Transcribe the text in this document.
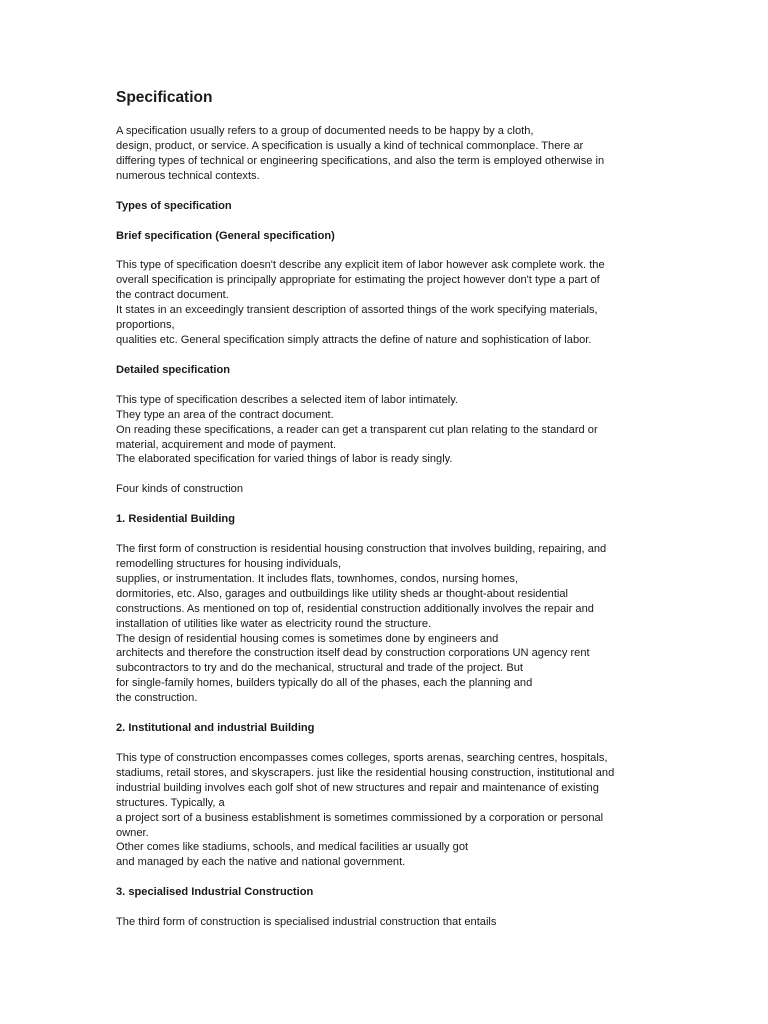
Specification
A specification usually refers to a group of documented needs to be happy by a cloth,
design, product, or service. A specification is usually a kind of technical commonplace. There ar
differing types of technical or engineering specifications, and also the term is employed otherwise in
numerous technical contexts.
Types of specification
Brief specification (General specification)
This type of specification doesn't describe any explicit item of labor however ask complete work. the
overall specification is principally appropriate for estimating the project however don't type a part of
the contract document.
It states in an exceedingly transient description of assorted things of the work specifying materials,
proportions,
qualities etc. General specification simply attracts the define of nature and sophistication of labor.
Detailed specification
This type of specification describes a selected item of labor intimately.
They type an area of the contract document.
On reading these specifications, a reader can get a transparent cut plan relating to the standard or
material, acquirement and mode of payment.
The elaborated specification for varied things of labor is ready singly.
Four kinds of construction
1. Residential Building
The first form of construction is residential housing construction that involves building, repairing, and
remodelling structures for housing individuals,
supplies, or instrumentation. It includes flats, townhomes, condos, nursing homes,
dormitories, etc. Also, garages and outbuildings like utility sheds ar thought-about residential
constructions. As mentioned on top of, residential construction additionally involves the repair and
installation of utilities like water as electricity round the structure.
The design of residential housing comes is sometimes done by engineers and
architects and therefore the construction itself dead by construction corporations UN agency rent
subcontractors to try and do the mechanical, structural and trade of the project. But
for single-family homes, builders typically do all of the phases, each the planning and
the construction.
2. Institutional and industrial Building
This type of construction encompasses comes colleges, sports arenas, searching centres, hospitals,
stadiums, retail stores, and skyscrapers. just like the residential housing construction, institutional and
industrial building involves each golf shot of new structures and repair and maintenance of existing
structures. Typically, a
a project sort of a business establishment is sometimes commissioned by a corporation or personal
owner.
Other comes like stadiums, schools, and medical facilities ar usually got
and managed by each the native and national government.
3. specialised Industrial Construction
The third form of construction is specialised industrial construction that entails
